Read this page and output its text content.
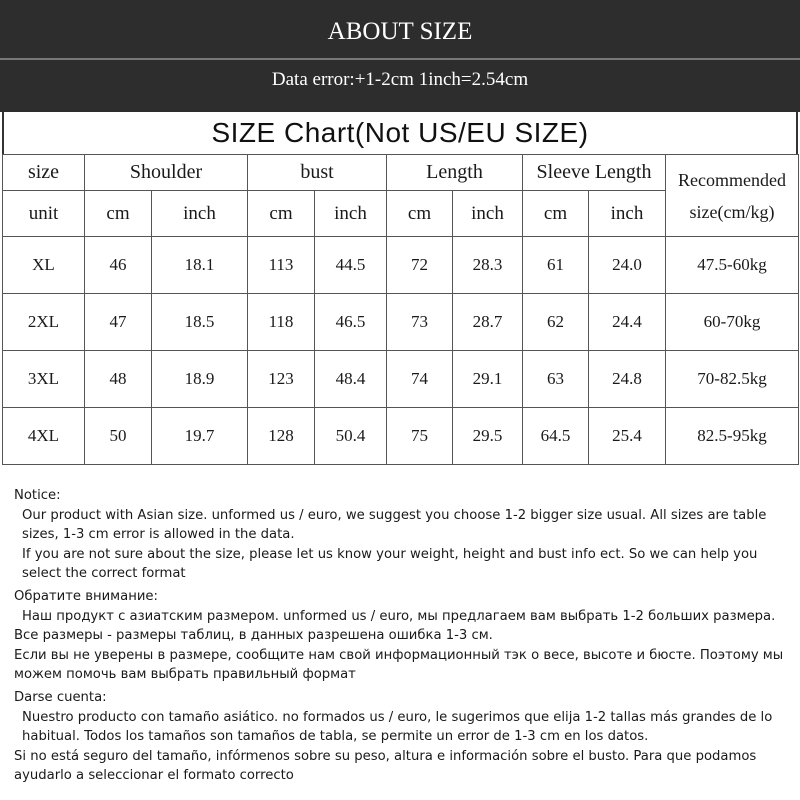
ABOUT SIZE
Data error:+1-2cm 1inch=2.54cm
SIZE Chart(Not US/EU SIZE)
size	Shoulder		bust		Length		Sleeve Length		Recommended size(cm/kg)
unit	cm	inch	cm	inch	cm	inch	cm	inch	
XL	46	18.1	113	44.5	72	28.3	61	24.0	47.5-60kg
2XL	47	18.5	118	46.5	73	28.7	62	24.4	60-70kg
3XL	48	18.9	123	48.4	74	29.1	63	24.8	70-82.5kg
4XL	50	19.7	128	50.4	75	29.5	64.5	25.4	82.5-95kg

Notice:

Our product with Asian size. unformed us / euro, we suggest you choose 1-2 bigger size usual. All sizes are table sizes, 1-3 cm error is allowed in the data.

If you are not sure about the size, please let us know your weight, height and bust info ect. So we can help you select the correct format

Обратите внимание:

Наш продукт с азиатским размером. unformed us / euro, мы предлагаем вам выбрать 1-2 больших размера.

Все размеры - размеры таблиц, в данных разрешена ошибка 1-3 см.

Если вы не уверены в размере, сообщите нам свой информационный тэк о весе, высоте и бюсте. Поэтому мы можем помочь вам выбрать правильный формат

Darse cuenta:

Nuestro producto con tamaño asiático. no formados us / euro, le sugerimos que elija 1-2 tallas más grandes de lo habitual. Todos los tamaños son tamaños de tabla, se permite un error de 1-3 cm en los datos.

Si no está seguro del tamaño, infórmenos sobre su peso, altura e información sobre el busto. Para que podamos ayudarlo a seleccionar el formato correcto
